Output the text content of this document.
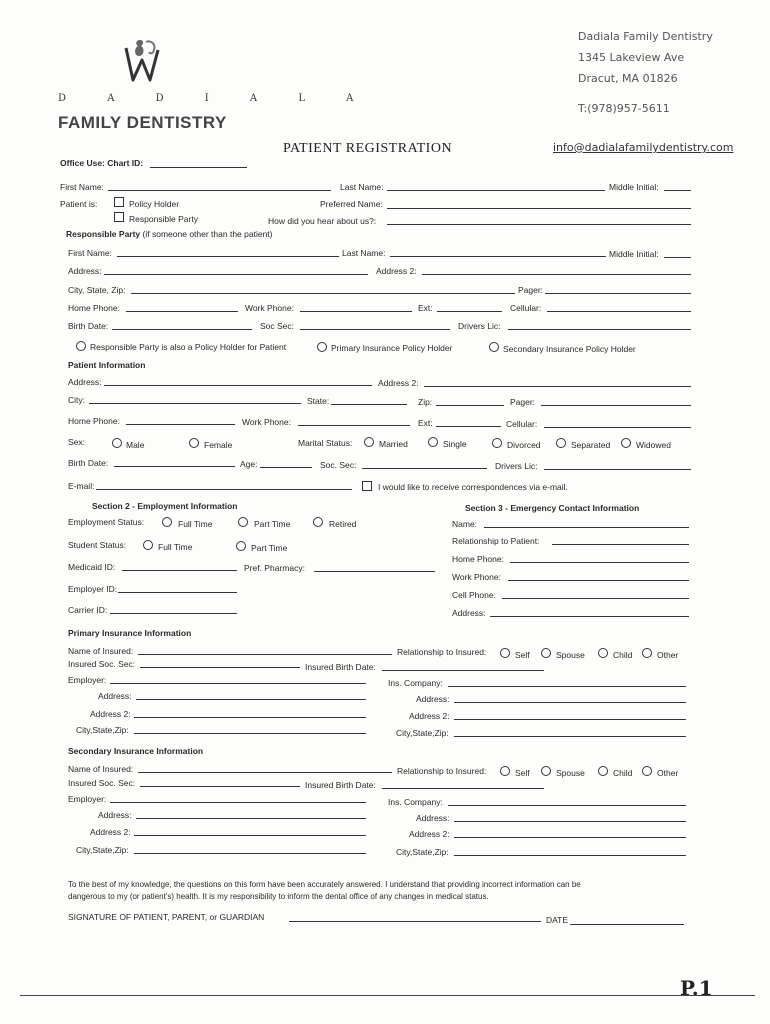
D A D I A L A
FAMILY DENTISTRY
Dadiala Family Dentistry
1345 Lakeview Ave
Dracut, MA 01826
T:(978)957-5611
PATIENT REGISTRATION	info@dadialafamilydentistry.com
Office Use: Chart ID:
First Name:	Last Name:	Middle Initial:
Patient is:	Policy Holder	Preferred Name:
Responsible Party	How did you hear about us?:
Responsible Party (if someone other than the patient)
First Name:	Last Name:	Middle Initial:
Address:	Address 2:
City, State, Zip:	Pager:
Home Phone:	Work Phone:	Ext:	Cellular:
Birth Date:	Soc Sec:	Drivers Lic:
Responsible Party is also a Policy Holder for Patient	Primary Insurance Policy Holder	Secondary Insurance Policy Holder
Patient Information
Address:	Address 2:
City:	State:	Zip:	Pager:
Home Phone:	Work Phone:	Ext:	Cellular:
Sex:	Male	Female	Marital Status:	Married	Single	Divorced	Separated	Widowed
Birth Date:	Age:	Soc. Sec:	Drivers Lic:
E-mail:	I would like to receive correspondences via e-mail.
Section 2 - Employment Information
Employment Status:	Full Time	Part Time	Retired
Student Status:	Full Time	Part Time
Medicaid ID:	Pref. Pharmacy:
Employer ID:
Carrier ID:
Section 3 - Emergency Contact Information
Name:
Relationship to Patient:
Home Phone:
Work Phone:
Cell Phone:
Address:
Primary Insurance Information
Name of Insured:	Relationship to Insured:	Self	Spouse	Child	Other
Insured Soc. Sec:	Insured Birth Date:
Employer:	Ins. Company:
Address:	Address:
Address 2:	Address 2:
City,State,Zip:	City,State,Zip:
Secondary Insurance Information
Name of Insured:	Relationship to Insured:	Self	Spouse	Child	Other
Insured Soc. Sec:	Insured Birth Date:
Employer:	Ins. Company:
Address:	Address:
Address 2:	Address 2:
City,State,Zip:	City,State,Zip:
To the best of my knowledge, the questions on this form have been accurately answered. I understand that providing incorrect information can be
dangerous to my (or patient's) health. It is my responsibility to inform the dental office of any changes in medical status.
SIGNATURE OF PATIENT, PARENT, or GUARDIAN	DATE
P.1
